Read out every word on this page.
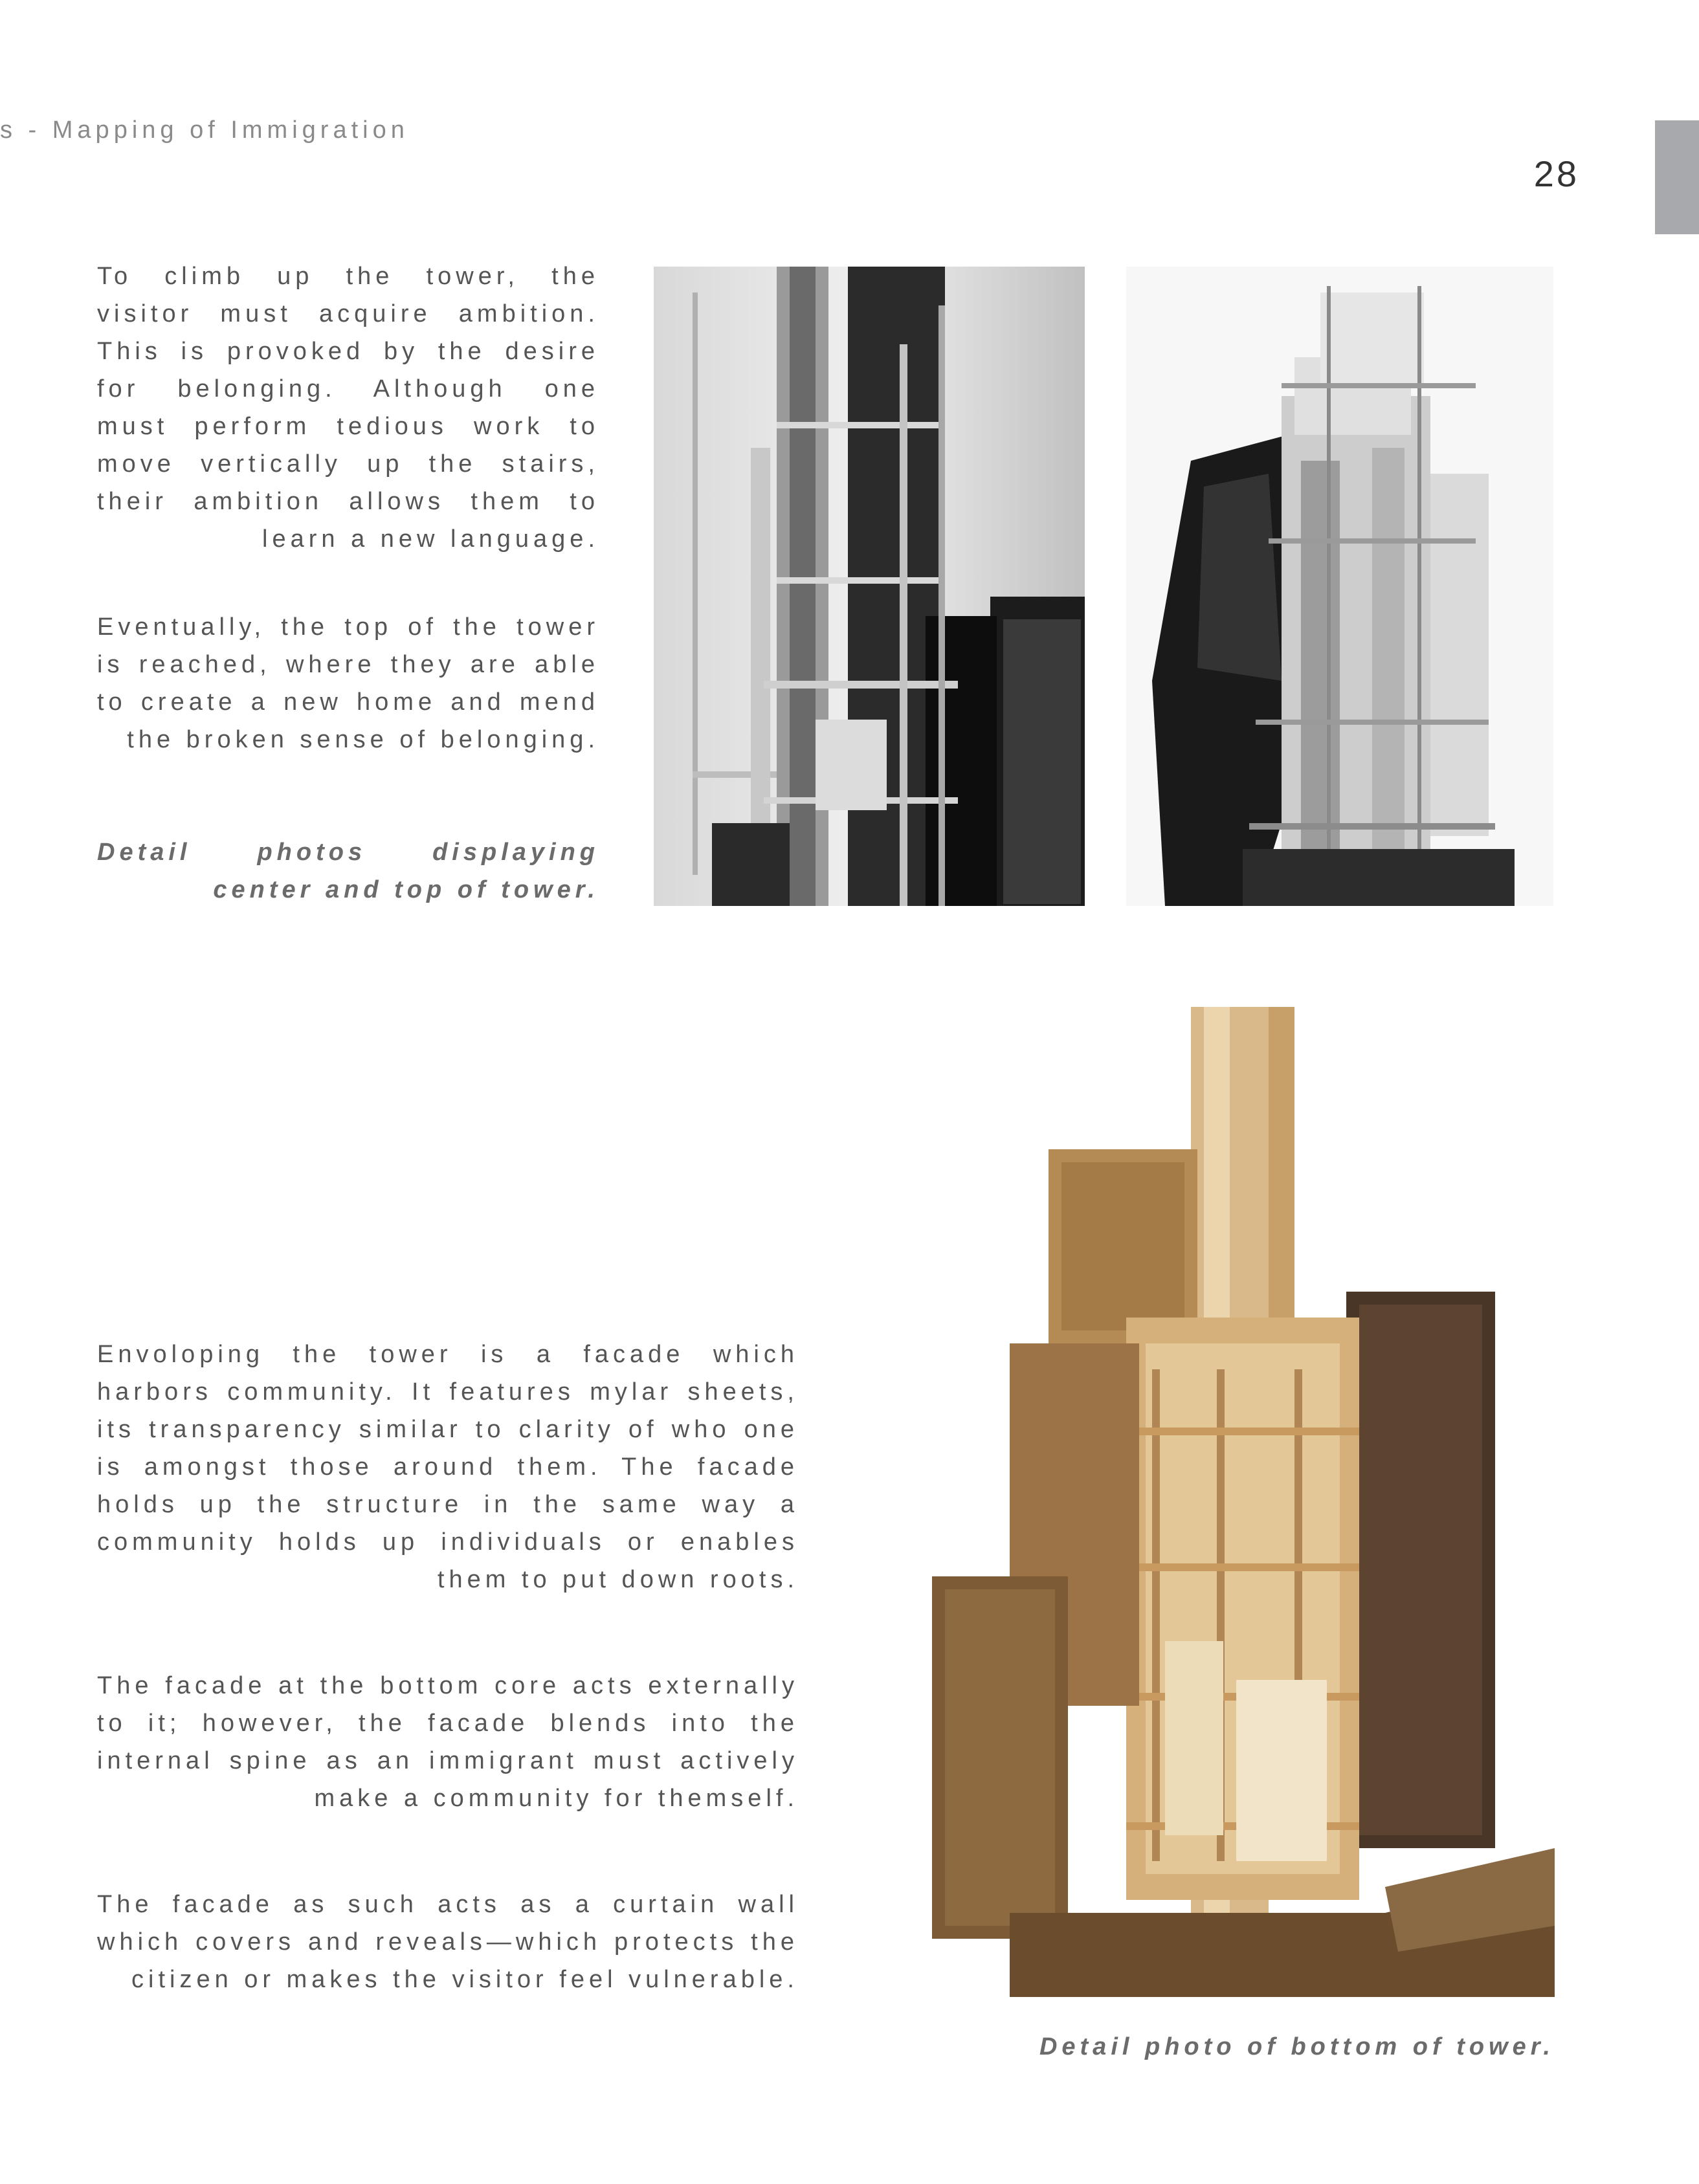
s - Mapping of Immigration
28
To climb up the tower, the visitor must acquire ambition. This is provoked by the desire for belonging. Although one must perform tedious work to move vertically up the stairs, their ambition allows them to learn a new language.
Eventually, the top of the tower is reached, where they are able to create a new home and mend the broken sense of belonging.
Detail photos displaying center and top of tower.
Envoloping the tower is a facade which harbors community. It features mylar sheets, its transparency similar to clarity of who one is amongst those around them. The facade holds up the structure in the same way a community holds up individuals or enables them to put down roots.
The facade at the bottom core acts externally to it; however, the facade blends into the internal spine as an immigrant must actively make a community for themself.
The facade as such acts as a curtain wall which covers and reveals—which protects the citizen or makes the visitor feel vulnerable.
Detail photo of bottom of tower.
